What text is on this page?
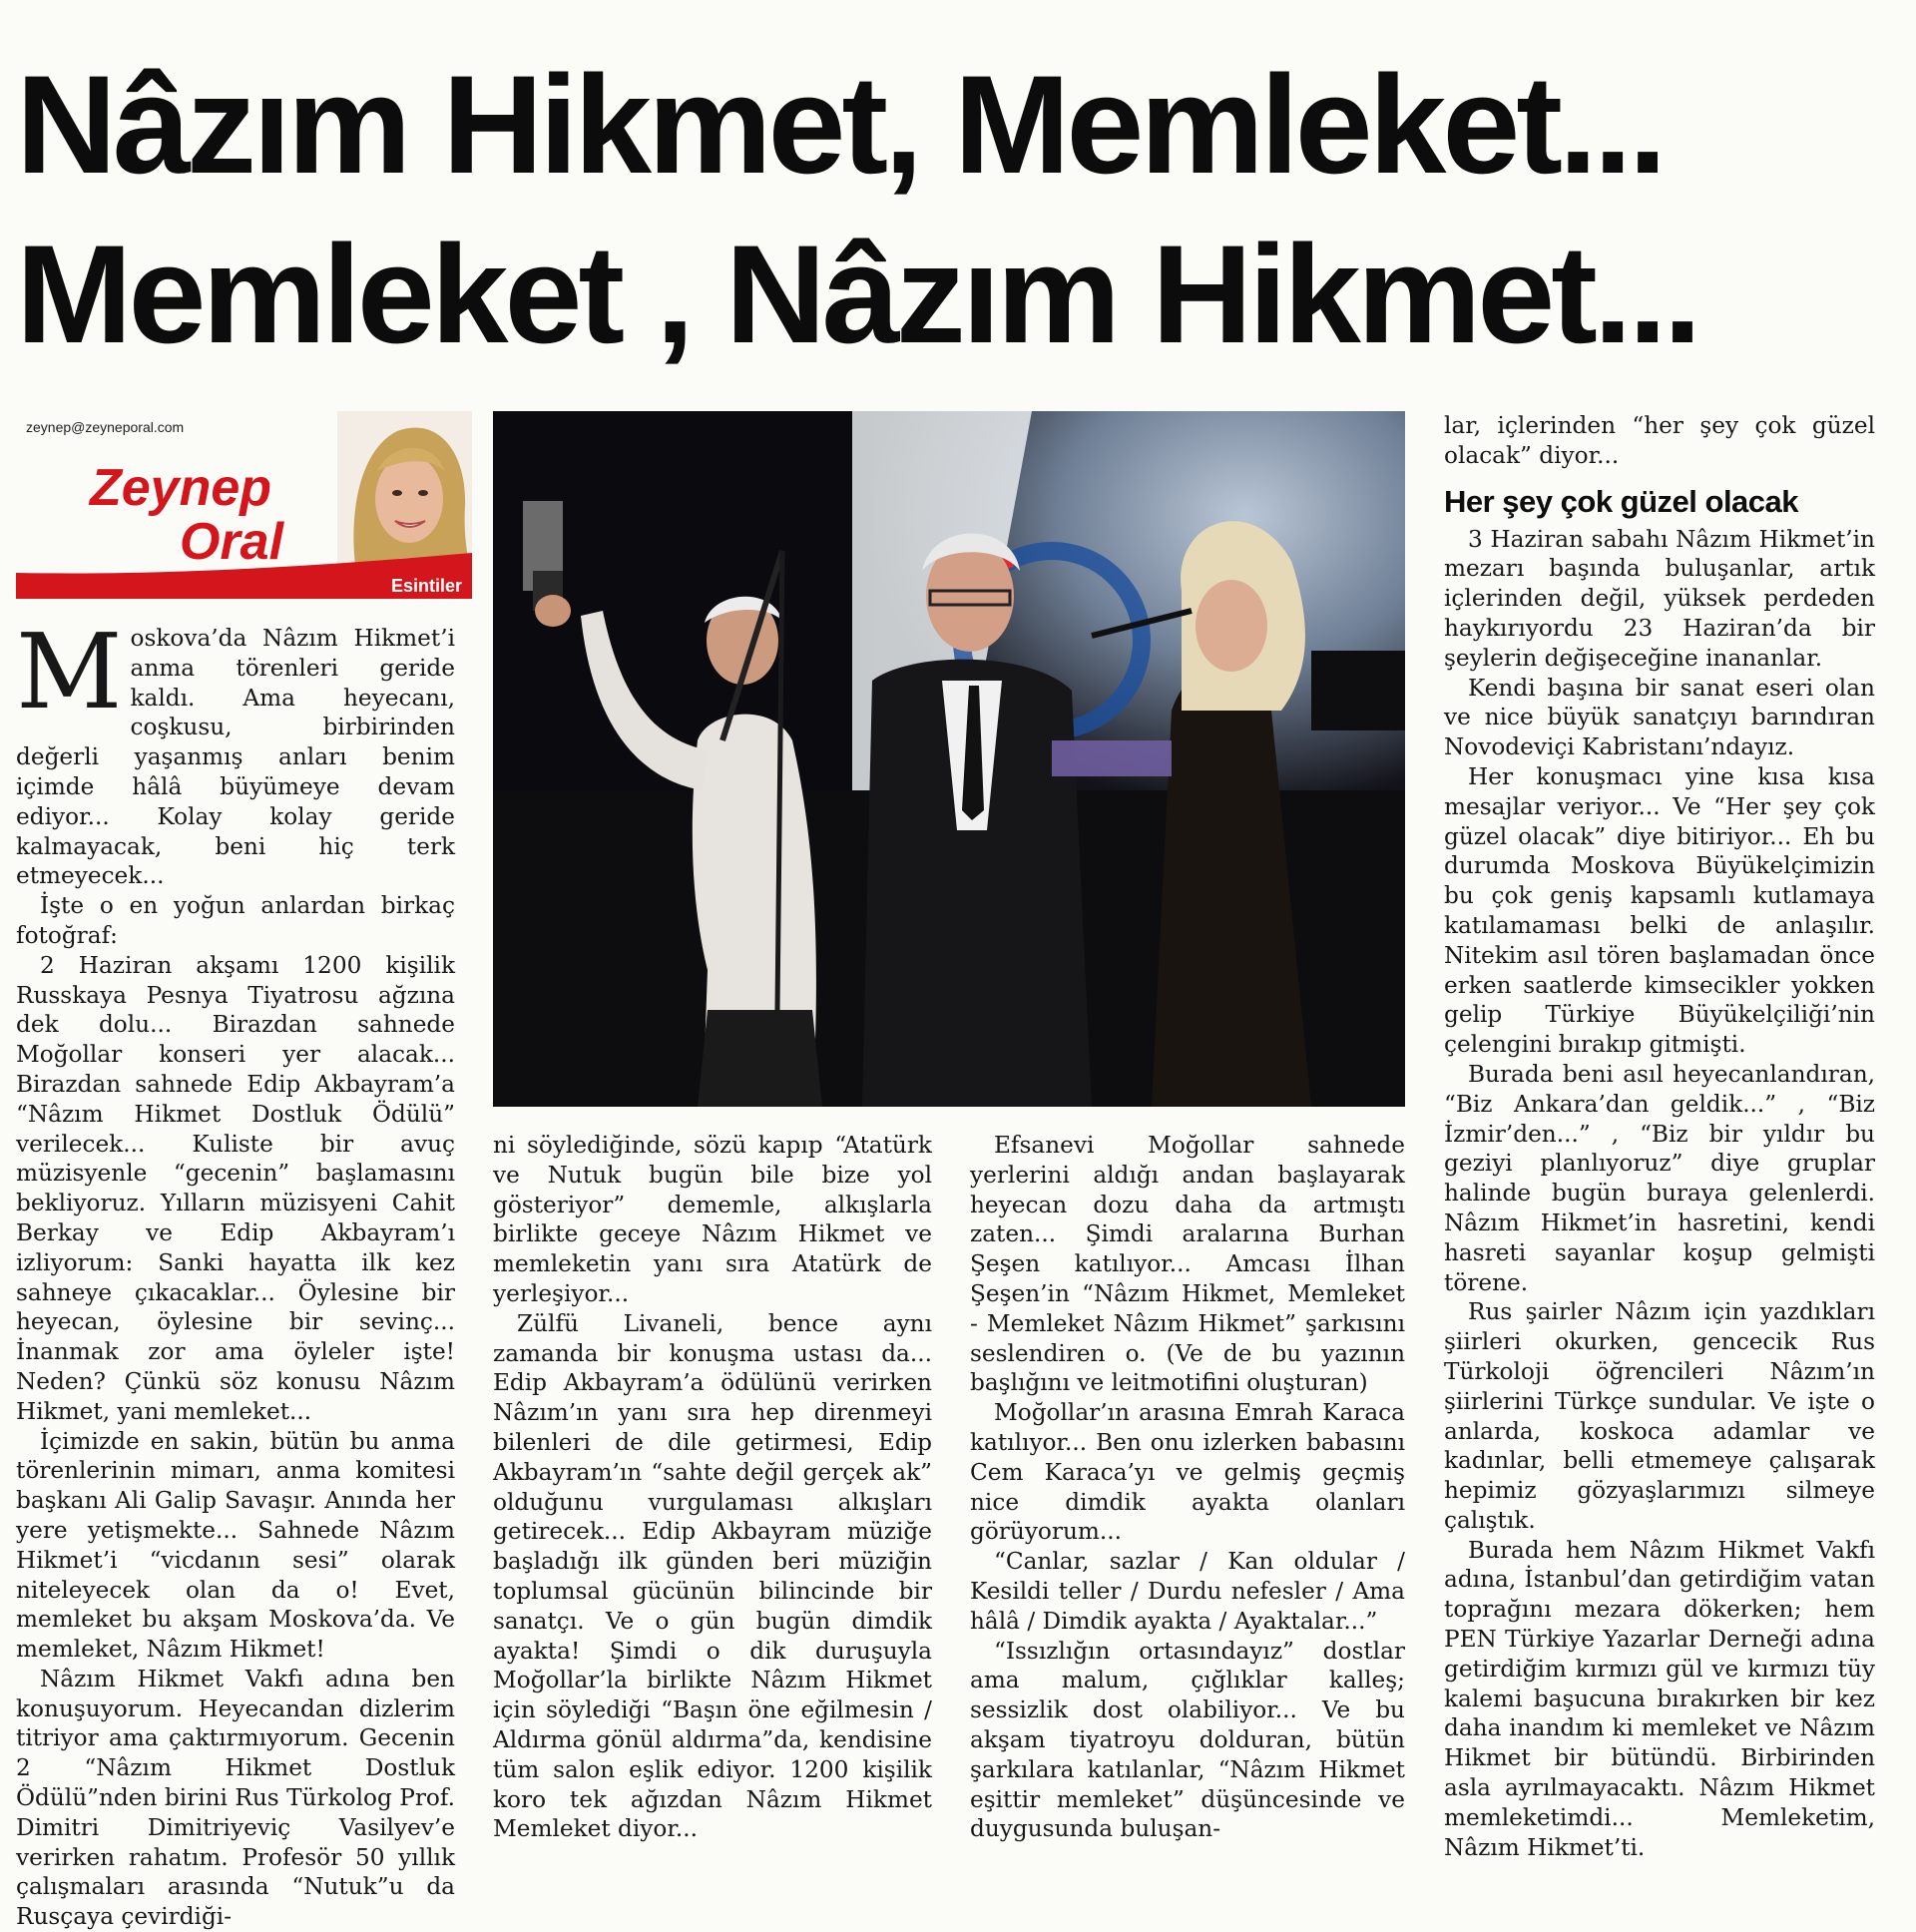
Nâzım Hikmet, Memleket...
Memleket , Nâzım Hikmet...
zeynep@zeyneporal.com
Zeynep
Oral
Esintiler

Moskova’da Nâzım Hikmet’i anma törenleri geride kaldı. Ama heyecanı, coşkusu, birbirinden değerli yaşanmış anları benim içimde hâlâ büyümeye devam ediyor... Kolay kolay geride kalmayacak, beni hiç terk etmeyecek...

İşte o en yoğun anlardan birkaç fotoğraf:

2 Haziran akşamı 1200 kişilik Russkaya Pesnya Tiyatrosu ağzına dek dolu... Birazdan sahnede Moğollar konseri yer alacak... Birazdan sahnede Edip Akbayram’a “Nâzım Hikmet Dostluk Ödülü” verilecek... Kuliste bir avuç müzisyenle “gecenin” başlamasını bekliyoruz. Yılların müzisyeni Cahit Berkay ve Edip Akbayram’ı izliyorum: Sanki hayatta ilk kez sahneye çıkacaklar... Öylesine bir heyecan, öylesine bir sevinç... İnanmak zor ama öyleler işte! Neden? Çünkü söz konusu Nâzım Hikmet, yani memleket...

İçimizde en sakin, bütün bu anma törenlerinin mimarı, anma komitesi başkanı Ali Galip Savaşır. Anında her yere yetişmekte... Sahnede Nâzım Hikmet’i “vicdanın sesi” olarak niteleyecek olan da o! Evet, memleket bu akşam Moskova’da. Ve memleket, Nâzım Hikmet!

Nâzım Hikmet Vakfı adına ben konuşuyorum. Heyecandan dizlerim titriyor ama çaktırmıyorum. Gecenin 2 “Nâzım Hikmet Dostluk Ödülü”nden birini Rus Türkolog Prof. Dimitri Dimitriyeviç Vasilyev’e verirken rahatım. Profesör 50 yıllık çalışmaları arasında “Nutuk”u da Rusçaya çevirdiği-

ni söylediğinde, sözü kapıp “Atatürk ve Nutuk bugün bile bize yol gösteriyor” dememle, alkışlarla birlikte geceye Nâzım Hikmet ve memleketin yanı sıra Atatürk de yerleşiyor...

Zülfü Livaneli, bence aynı zamanda bir konuşma ustası da... Edip Akbayram’a ödülünü verirken Nâzım’ın yanı sıra hep direnmeyi bilenleri de dile getirmesi, Edip Akbayram’ın “sahte değil gerçek ak” olduğunu vurgulaması alkışları getirecek... Edip Akbayram müziğe başladığı ilk günden beri müziğin toplumsal gücünün bilincinde bir sanatçı. Ve o gün bugün dimdik ayakta! Şimdi o dik duruşuyla Moğollar’la birlikte Nâzım Hikmet için söylediği “Başın öne eğilmesin / Aldırma gönül aldırma”da, kendisine tüm salon eşlik ediyor. 1200 kişilik koro tek ağızdan Nâzım Hikmet Memleket diyor...

Efsanevi Moğollar sahnede yerlerini aldığı andan başlayarak heyecan dozu daha da artmıştı zaten... Şimdi aralarına Burhan Şeşen katılıyor... Amcası İlhan Şeşen’in “Nâzım Hikmet, Memleket - Memleket Nâzım Hikmet” şarkısını seslendiren o. (Ve de bu yazının başlığını ve leitmotifini oluşturan)

Moğollar’ın arasına Emrah Karaca katılıyor... Ben onu izlerken babasını Cem Karaca’yı ve gelmiş geçmiş nice dimdik ayakta olanları görüyorum...

“Canlar, sazlar / Kan oldular / Kesildi teller / Durdu nefesler / Ama hâlâ / Dimdik ayakta / Ayaktalar...”

“Issızlığın ortasındayız” dostlar ama malum, çığlıklar kalleş; sessizlik dost olabiliyor... Ve bu akşam tiyatroyu dolduran, bütün şarkılara katılanlar, “Nâzım Hikmet eşittir memleket” düşüncesinde ve duygusunda buluşan-

lar, içlerinden “her şey çok güzel olacak” diyor...

Her şey çok güzel olacak

3 Haziran sabahı Nâzım Hikmet’in mezarı başında buluşanlar, artık içlerinden değil, yüksek perdeden haykırıyordu 23 Haziran’da bir şeylerin değişeceğine inananlar.

Kendi başına bir sanat eseri olan ve nice büyük sanatçıyı barındıran Novodeviçi Kabristanı’ndayız.

Her konuşmacı yine kısa kısa mesajlar veriyor... Ve “Her şey çok güzel olacak” diye bitiriyor... Eh bu durumda Moskova Büyükelçimizin bu çok geniş kapsamlı kutlamaya katılamaması belki de anlaşılır. Nitekim asıl tören başlamadan önce erken saatlerde kimsecikler yokken gelip Türkiye Büyükelçiliği’nin çelengini bırakıp gitmişti.

Burada beni asıl heyecanlandıran, “Biz Ankara’dan geldik...” , “Biz İzmir’den...” , “Biz bir yıldır bu geziyi planlıyoruz” diye gruplar halinde bugün buraya gelenlerdi. Nâzım Hikmet’in hasretini, kendi hasreti sayanlar koşup gelmişti törene.

Rus şairler Nâzım için yazdıkları şiirleri okurken, gencecik Rus Türkoloji öğrencileri Nâzım’ın şiirlerini Türkçe sundular. Ve işte o anlarda, koskoca adamlar ve kadınlar, belli etmemeye çalışarak hepimiz gözyaşlarımızı silmeye çalıştık.

Burada hem Nâzım Hikmet Vakfı adına, İstanbul’dan getirdiğim vatan toprağını mezara dökerken; hem PEN Türkiye Yazarlar Derneği adına getirdiğim kırmızı gül ve kırmızı tüy kalemi başucuna bırakırken bir kez daha inandım ki memleket ve Nâzım Hikmet bir bütündü. Birbirinden asla ayrılmayacaktı. Nâzım Hikmet memleketimdi... Memleketim, Nâzım Hikmet’ti.
